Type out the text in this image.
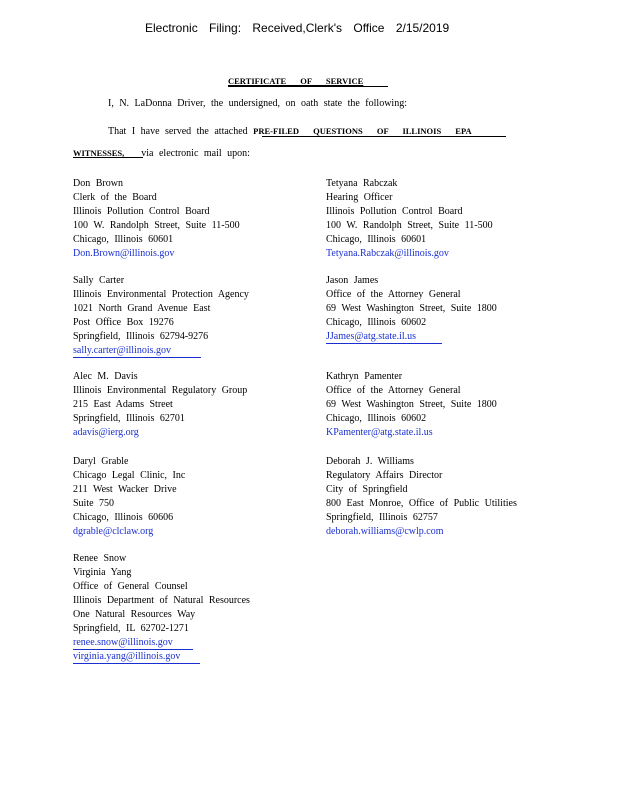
Electronic Filing: Received,Clerk's Office 2/15/2019
CERTIFICATE OF SERVICE
I, N. LaDonna Driver, the undersigned, on oath state the following:
That I have served the attached PRE-FILED QUESTIONS OF ILLINOIS EPA
WITNESSES, via electronic mail upon:
Don Brown
Clerk of the Board
Illinois Pollution Control Board
100 W. Randolph Street, Suite 11-500
Chicago, Illinois 60601
Don.Brown@illinois.gov
Tetyana Rabczak
Hearing Officer
Illinois Pollution Control Board
100 W. Randolph Street, Suite 11-500
Chicago, Illinois 60601
Tetyana.Rabczak@illinois.gov
Sally Carter
Illinois Environmental Protection Agency
1021 North Grand Avenue East
Post Office Box 19276
Springfield, Illinois 62794-9276
sally.carter@illinois.gov
Jason James
Office of the Attorney General
69 West Washington Street, Suite 1800
Chicago, Illinois 60602
JJames@atg.state.il.us
Alec M. Davis
Illinois Environmental Regulatory Group
215 East Adams Street
Springfield, Illinois 62701
adavis@ierg.org
Kathryn Pamenter
Office of the Attorney General
69 West Washington Street, Suite 1800
Chicago, Illinois 60602
KPamenter@atg.state.il.us
Daryl Grable
Chicago Legal Clinic, Inc
211 West Wacker Drive
Suite 750
Chicago, Illinois 60606
dgrable@clclaw.org
Deborah J. Williams
Regulatory Affairs Director
City of Springfield
800 East Monroe, Office of Public Utilities
Springfield, Illinois 62757
deborah.williams@cwlp.com
Renee Snow
Virginia Yang
Office of General Counsel
Illinois Department of Natural Resources
One Natural Resources Way
Springfield, IL 62702-1271
renee.snow@illinois.gov
virginia.yang@illinois.gov
